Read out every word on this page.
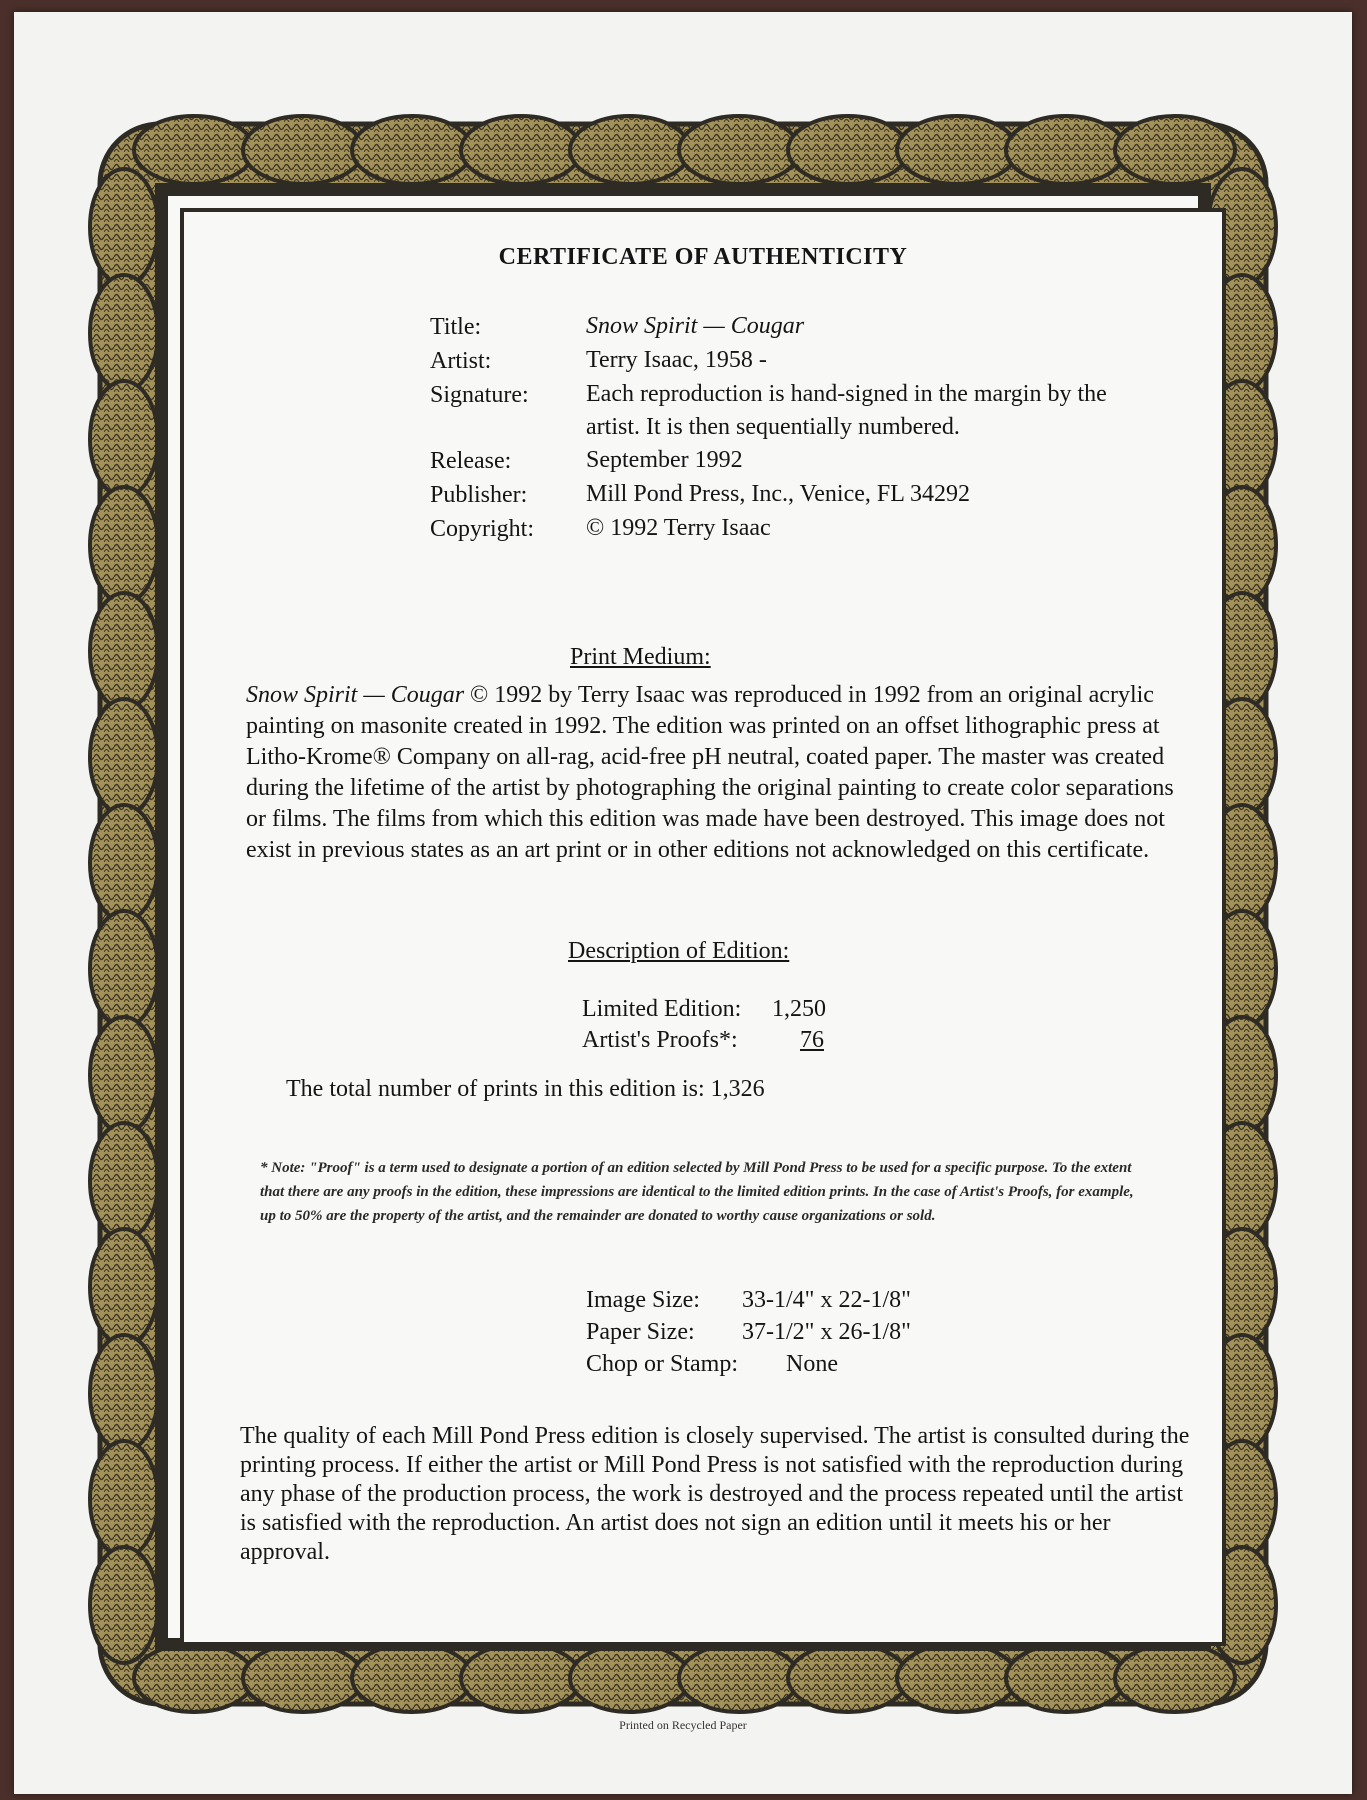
CERTIFICATE OF AUTHENTICITY
Title:	Snow Spirit — Cougar
Artist:	Terry Isaac, 1958 -
Signature:	Each reproduction is hand-signed in the margin by the artist. It is then sequentially numbered.
Release:	September 1992
Publisher:	Mill Pond Press, Inc., Venice, FL 34292
Copyright:	© 1992 Terry Isaac
Print Medium:
Snow Spirit — Cougar © 1992 by Terry Isaac was reproduced in 1992 from an original acrylic painting on masonite created in 1992. The edition was printed on an offset lithographic press at Litho-Krome® Company on all-rag, acid-free pH neutral, coated paper. The master was created during the lifetime of the artist by photographing the original painting to create color separations or films. The films from which this edition was made have been destroyed. This image does not exist in previous states as an art print or in other editions not acknowledged on this certificate.
Description of Edition:
Limited Edition:	1,250
Artist's Proofs*:	76
The total number of prints in this edition is: 1,326
* Note: "Proof" is a term used to designate a portion of an edition selected by Mill Pond Press to be used for a specific purpose. To the extent that there are any proofs in the edition, these impressions are identical to the limited edition prints. In the case of Artist's Proofs, for example, up to 50% are the property of the artist, and the remainder are donated to worthy cause organizations or sold.
Image Size:	33-1/4" x 22-1/8"
Paper Size:	37-1/2" x 26-1/8"
Chop or Stamp:	None
The quality of each Mill Pond Press edition is closely supervised. The artist is consulted during the printing process. If either the artist or Mill Pond Press is not satisfied with the reproduction during any phase of the production process, the work is destroyed and the process repeated until the artist is satisfied with the reproduction. An artist does not sign an edition until it meets his or her approval.
Printed on Recycled Paper
